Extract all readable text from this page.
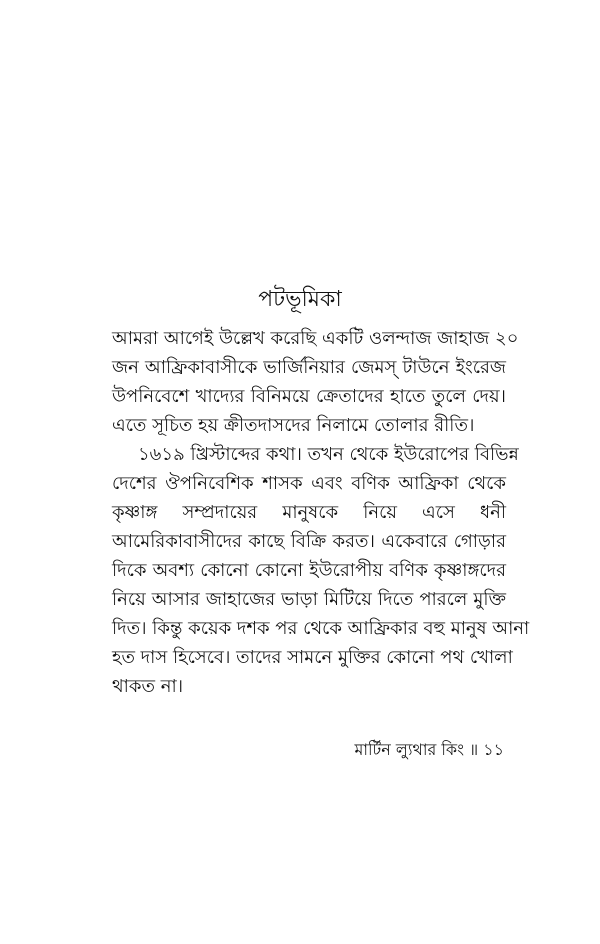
পটভূমিকা
আমরা আগেই উল্লেখ করেছি একটি ওলন্দাজ জাহাজ ২০
জন আফ্রিকাবাসীকে ভার্জিনিয়ার জেমস্ টাউনে ইংরেজ
উপনিবেশে খাদ্যের বিনিময়ে ক্রেতাদের হাতে তুলে দেয়।
এতে সূচিত হয় ক্রীতদাসদের নিলামে তোলার রীতি।
১৬১৯ খ্রিস্টাব্দের কথা। তখন থেকে ইউরোপের বিভিন্ন
দেশের ঔপনিবেশিক শাসক এবং বণিক আফ্রিকা থেকে
কৃষ্ণাঙ্গ সম্প্রদায়ের মানুষকে নিয়ে এসে ধনী
আমেরিকাবাসীদের কাছে বিক্রি করত। একেবারে গোড়ার
দিকে অবশ্য কোনো কোনো ইউরোপীয় বণিক কৃষ্ণাঙ্গদের
নিয়ে আসার জাহাজের ভাড়া মিটিয়ে দিতে পারলে মুক্তি
দিত। কিন্তু কয়েক দশক পর থেকে আফ্রিকার বহু মানুষ আনা
হত দাস হিসেবে। তাদের সামনে মুক্তির কোনো পথ খোলা
থাকত না।
মার্টিন ল্যুথার কিং ॥ ১১
